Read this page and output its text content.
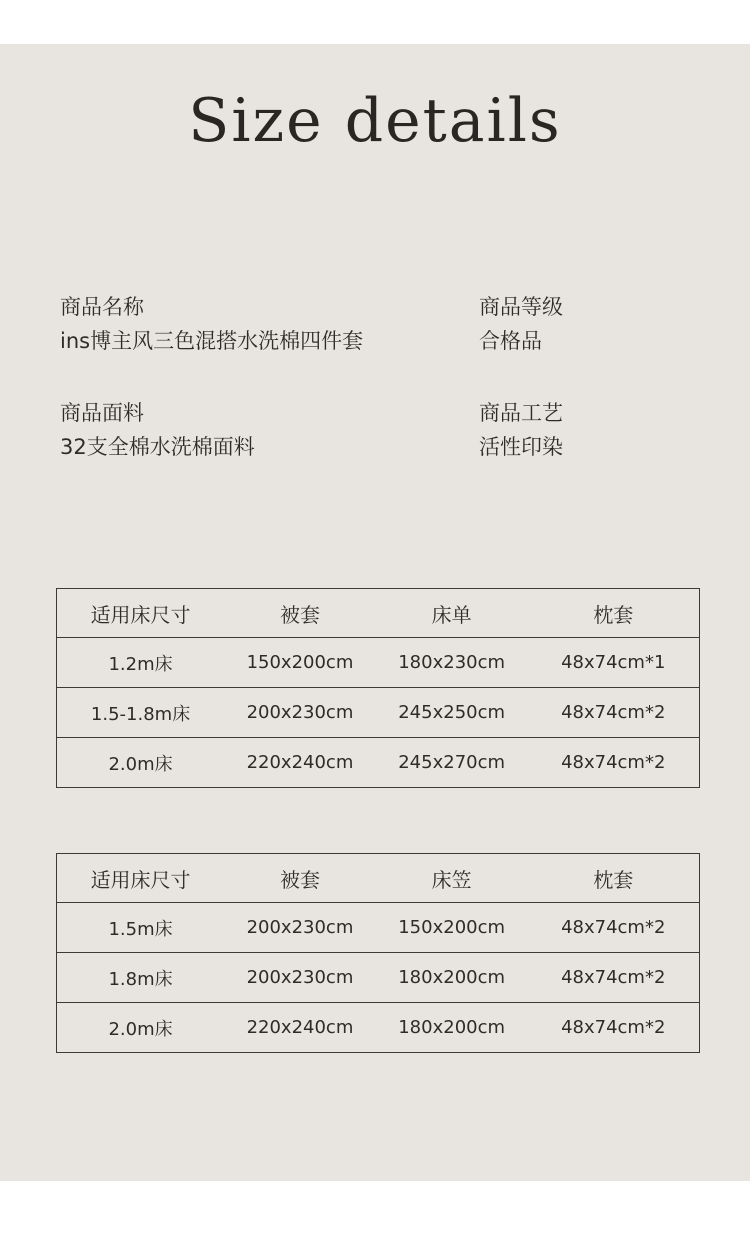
Size details
商品名称
ins博主风三色混搭水洗棉四件套
商品等级
合格品
商品面料
32支全棉水洗棉面料
商品工艺
活性印染
适用床尺寸	被套	床单	枕套
1.2m床	150x200cm	180x230cm	48x74cm*1
1.5-1.8m床	200x230cm	245x250cm	48x74cm*2
2.0m床	220x240cm	245x270cm	48x74cm*2
适用床尺寸	被套	床笠	枕套
1.5m床	200x230cm	150x200cm	48x74cm*2
1.8m床	200x230cm	180x200cm	48x74cm*2
2.0m床	220x240cm	180x200cm	48x74cm*2
